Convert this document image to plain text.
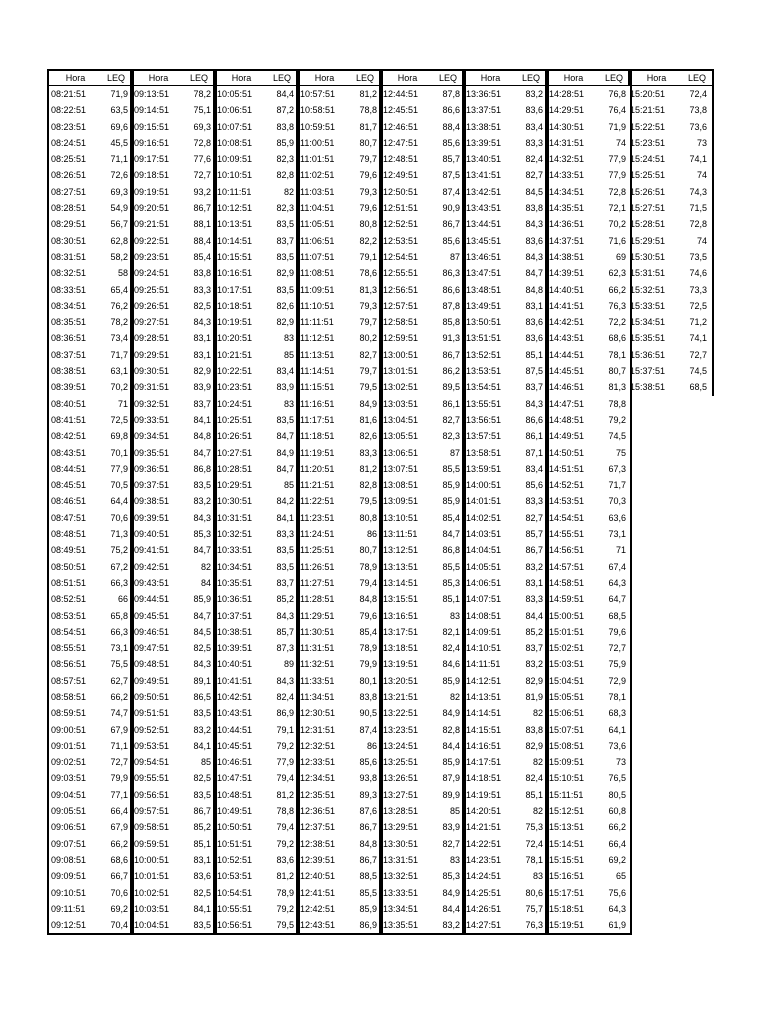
Hora	LEQ
08:21:51	71,9
08:22:51	63,5
08:23:51	69,6
08:24:51	45,5
08:25:51	71,1
08:26:51	72,6
08:27:51	69,3
08:28:51	54,9
08:29:51	56,7
08:30:51	62,8
08:31:51	58,2
08:32:51	58
08:33:51	65,4
08:34:51	76,2
08:35:51	78,2
08:36:51	73,4
08:37:51	71,7
08:38:51	63,1
08:39:51	70,2
08:40:51	71
08:41:51	72,5
08:42:51	69,8
08:43:51	70,1
08:44:51	77,9
08:45:51	70,5
08:46:51	64,4
08:47:51	70,6
08:48:51	71,3
08:49:51	75,2
08:50:51	67,2
08:51:51	66,3
08:52:51	66
08:53:51	65,8
08:54:51	66,3
08:55:51	73,1
08:56:51	75,5
08:57:51	62,7
08:58:51	66,2
08:59:51	74,7
09:00:51	67,9
09:01:51	71,1
09:02:51	72,7
09:03:51	79,9
09:04:51	77,1
09:05:51	66,4
09:06:51	67,9
09:07:51	66,2
09:08:51	68,6
09:09:51	66,7
09:10:51	70,6
09:11:51	69,2
09:12:51	70,4
Hora	LEQ
09:13:51	78,2
09:14:51	75,1
09:15:51	69,3
09:16:51	72,8
09:17:51	77,6
09:18:51	72,7
09:19:51	93,2
09:20:51	86,7
09:21:51	88,1
09:22:51	88,4
09:23:51	85,4
09:24:51	83,8
09:25:51	83,3
09:26:51	82,5
09:27:51	84,3
09:28:51	83,1
09:29:51	83,1
09:30:51	82,9
09:31:51	83,9
09:32:51	83,7
09:33:51	84,1
09:34:51	84,8
09:35:51	84,7
09:36:51	86,8
09:37:51	83,5
09:38:51	83,2
09:39:51	84,3
09:40:51	85,3
09:41:51	84,7
09:42:51	82
09:43:51	84
09:44:51	85,9
09:45:51	84,7
09:46:51	84,5
09:47:51	82,5
09:48:51	84,3
09:49:51	89,1
09:50:51	86,5
09:51:51	83,5
09:52:51	83,2
09:53:51	84,1
09:54:51	85
09:55:51	82,5
09:56:51	83,5
09:57:51	86,7
09:58:51	85,2
09:59:51	85,1
10:00:51	83,1
10:01:51	83,6
10:02:51	82,5
10:03:51	84,1
10:04:51	83,5
Hora	LEQ
10:05:51	84,4
10:06:51	87,2
10:07:51	83,8
10:08:51	85,9
10:09:51	82,3
10:10:51	82,8
10:11:51	82
10:12:51	82,3
10:13:51	83,5
10:14:51	83,7
10:15:51	83,5
10:16:51	82,9
10:17:51	83,5
10:18:51	82,6
10:19:51	82,9
10:20:51	83
10:21:51	85
10:22:51	83,4
10:23:51	83,9
10:24:51	83
10:25:51	83,5
10:26:51	84,7
10:27:51	84,9
10:28:51	84,7
10:29:51	85
10:30:51	84,2
10:31:51	84,1
10:32:51	83,3
10:33:51	83,5
10:34:51	83,5
10:35:51	83,7
10:36:51	85,2
10:37:51	84,3
10:38:51	85,7
10:39:51	87,3
10:40:51	89
10:41:51	84,3
10:42:51	82,4
10:43:51	86,9
10:44:51	79,1
10:45:51	79,2
10:46:51	77,9
10:47:51	79,4
10:48:51	81,2
10:49:51	78,8
10:50:51	79,4
10:51:51	79,2
10:52:51	83,6
10:53:51	81,2
10:54:51	78,9
10:55:51	79,2
10:56:51	79,5
Hora	LEQ
10:57:51	81,2
10:58:51	78,8
10:59:51	81,7
11:00:51	80,7
11:01:51	79,7
11:02:51	79,6
11:03:51	79,3
11:04:51	79,6
11:05:51	80,8
11:06:51	82,2
11:07:51	79,1
11:08:51	78,6
11:09:51	81,3
11:10:51	79,3
11:11:51	79,7
11:12:51	80,2
11:13:51	82,7
11:14:51	79,7
11:15:51	79,5
11:16:51	84,9
11:17:51	81,6
11:18:51	82,6
11:19:51	83,3
11:20:51	81,2
11:21:51	82,8
11:22:51	79,5
11:23:51	80,8
11:24:51	86
11:25:51	80,7
11:26:51	78,9
11:27:51	79,4
11:28:51	84,8
11:29:51	79,6
11:30:51	85,4
11:31:51	78,9
11:32:51	79,9
11:33:51	80,1
11:34:51	83,8
12:30:51	90,5
12:31:51	87,4
12:32:51	86
12:33:51	85,6
12:34:51	93,8
12:35:51	89,3
12:36:51	87,6
12:37:51	86,7
12:38:51	84,8
12:39:51	86,7
12:40:51	88,5
12:41:51	85,5
12:42:51	85,9
12:43:51	86,9
Hora	LEQ
12:44:51	87,8
12:45:51	86,6
12:46:51	88,4
12:47:51	85,6
12:48:51	85,7
12:49:51	87,5
12:50:51	87,4
12:51:51	90,9
12:52:51	86,7
12:53:51	85,6
12:54:51	87
12:55:51	86,3
12:56:51	86,6
12:57:51	87,8
12:58:51	85,8
12:59:51	91,3
13:00:51	86,7
13:01:51	86,2
13:02:51	89,5
13:03:51	86,1
13:04:51	82,7
13:05:51	82,3
13:06:51	87
13:07:51	85,5
13:08:51	85,9
13:09:51	85,9
13:10:51	85,4
13:11:51	84,7
13:12:51	86,8
13:13:51	85,5
13:14:51	85,3
13:15:51	85,1
13:16:51	83
13:17:51	82,1
13:18:51	82,4
13:19:51	84,6
13:20:51	85,9
13:21:51	82
13:22:51	84,9
13:23:51	82,8
13:24:51	84,4
13:25:51	85,9
13:26:51	87,9
13:27:51	89,9
13:28:51	85
13:29:51	83,9
13:30:51	82,7
13:31:51	83
13:32:51	85,3
13:33:51	84,9
13:34:51	84,4
13:35:51	83,2
Hora	LEQ
13:36:51	83,2
13:37:51	83,6
13:38:51	83,4
13:39:51	83,3
13:40:51	82,4
13:41:51	82,7
13:42:51	84,5
13:43:51	83,8
13:44:51	84,3
13:45:51	83,6
13:46:51	84,3
13:47:51	84,7
13:48:51	84,8
13:49:51	83,1
13:50:51	83,6
13:51:51	83,6
13:52:51	85,1
13:53:51	87,5
13:54:51	83,7
13:55:51	84,3
13:56:51	86,6
13:57:51	86,1
13:58:51	87,1
13:59:51	83,4
14:00:51	85,6
14:01:51	83,3
14:02:51	82,7
14:03:51	85,7
14:04:51	86,7
14:05:51	83,2
14:06:51	83,1
14:07:51	83,3
14:08:51	84,4
14:09:51	85,2
14:10:51	83,7
14:11:51	83,2
14:12:51	82,9
14:13:51	81,9
14:14:51	82
14:15:51	83,8
14:16:51	82,9
14:17:51	82
14:18:51	82,4
14:19:51	85,1
14:20:51	82
14:21:51	75,3
14:22:51	72,4
14:23:51	78,1
14:24:51	83
14:25:51	80,6
14:26:51	75,7
14:27:51	76,3
Hora	LEQ
14:28:51	76,8
14:29:51	76,4
14:30:51	71,9
14:31:51	74
14:32:51	77,9
14:33:51	77,9
14:34:51	72,8
14:35:51	72,1
14:36:51	70,2
14:37:51	71,6
14:38:51	69
14:39:51	62,3
14:40:51	66,2
14:41:51	76,3
14:42:51	72,2
14:43:51	68,6
14:44:51	78,1
14:45:51	80,7
14:46:51	81,3
14:47:51	78,8
14:48:51	79,2
14:49:51	74,5
14:50:51	75
14:51:51	67,3
14:52:51	71,7
14:53:51	70,3
14:54:51	63,6
14:55:51	73,1
14:56:51	71
14:57:51	67,4
14:58:51	64,3
14:59:51	64,7
15:00:51	68,5
15:01:51	79,6
15:02:51	72,7
15:03:51	75,9
15:04:51	72,9
15:05:51	78,1
15:06:51	68,3
15:07:51	64,1
15:08:51	73,6
15:09:51	73
15:10:51	76,5
15:11:51	80,5
15:12:51	60,8
15:13:51	66,2
15:14:51	66,4
15:15:51	69,2
15:16:51	65
15:17:51	75,6
15:18:51	64,3
15:19:51	61,9
Hora	LEQ
15:20:51	72,4
15:21:51	73,8
15:22:51	73,6
15:23:51	73
15:24:51	74,1
15:25:51	74
15:26:51	74,3
15:27:51	71,5
15:28:51	72,8
15:29:51	74
15:30:51	73,5
15:31:51	74,6
15:32:51	73,3
15:33:51	72,5
15:34:51	71,2
15:35:51	74,1
15:36:51	72,7
15:37:51	74,5
15:38:51	68,5
